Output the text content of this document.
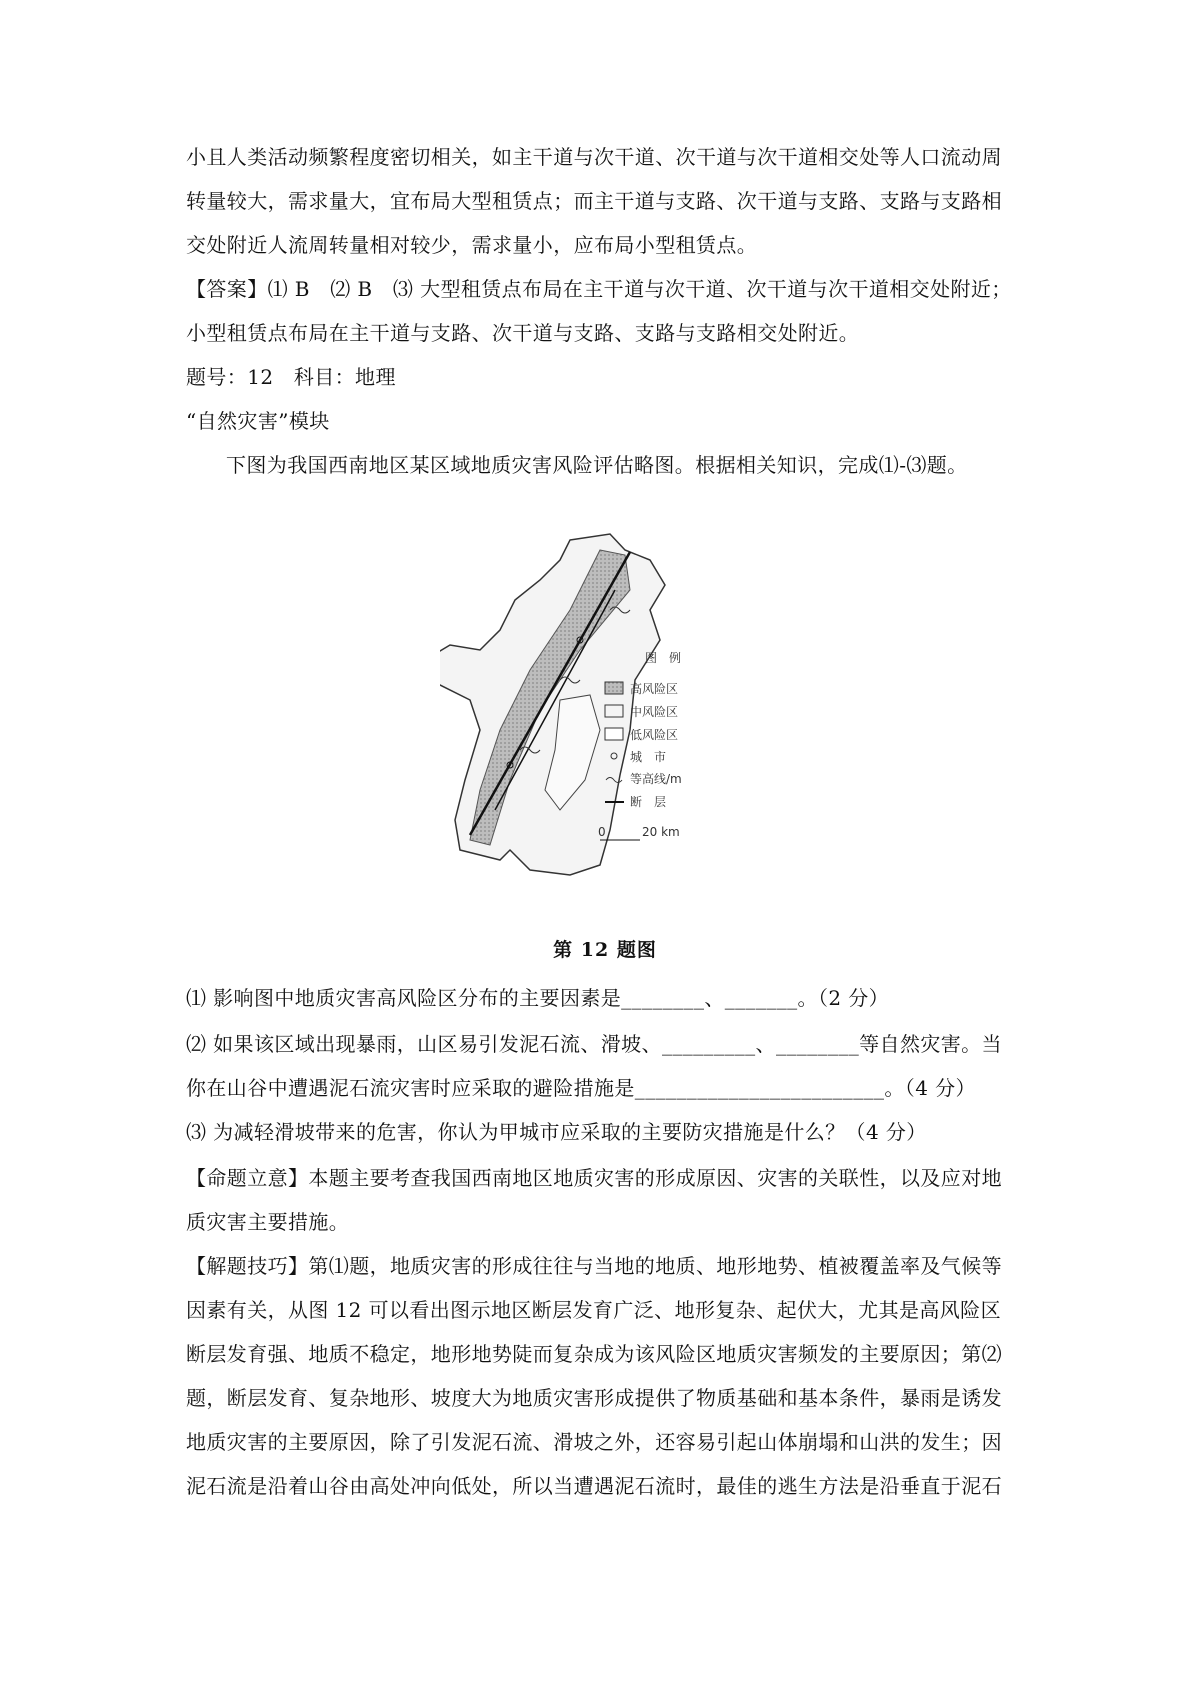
小且人类活动频繁程度密切相关，如主干道与次干道、次干道与次干道相交处等人口流动周
转量较大，需求量大，宜布局大型租赁点；而主干道与支路、次干道与支路、支路与支路相
交处附近人流周转量相对较少，需求量小，应布局小型租赁点。
【答案】⑴ B　⑵ B　⑶ 大型租赁点布局在主干道与次干道、次干道与次干道相交处附近；
小型租赁点布局在主干道与支路、次干道与支路、支路与支路相交处附近。
题号：12　科目：地理
“自然灾害”模块
下图为我国西南地区某区域地质灾害风险评估略图。根据相关知识，完成⑴-⑶题。
图　例
高风险区
中风险区
低风险区
城　市
等高线/m
断　层
0	20 km
第 12 题图
⑴ 影响图中地质灾害高风险区分布的主要因素是________、_______。（2 分）
⑵ 如果该区域出现暴雨，山区易引发泥石流、滑坡、_________、________等自然灾害。当
你在山谷中遭遇泥石流灾害时应采取的避险措施是________________________。（4 分）
⑶ 为减轻滑坡带来的危害，你认为甲城市应采取的主要防灾措施是什么？（4 分）
【命题立意】本题主要考查我国西南地区地质灾害的形成原因、灾害的关联性，以及应对地
质灾害主要措施。
【解题技巧】第⑴题，地质灾害的形成往往与当地的地质、地形地势、植被覆盖率及气候等
因素有关，从图 12 可以看出图示地区断层发育广泛、地形复杂、起伏大，尤其是高风险区
断层发育强、地质不稳定，地形地势陡而复杂成为该风险区地质灾害频发的主要原因；第⑵
题，断层发育、复杂地形、坡度大为地质灾害形成提供了物质基础和基本条件，暴雨是诱发
地质灾害的主要原因，除了引发泥石流、滑坡之外，还容易引起山体崩塌和山洪的发生；因
泥石流是沿着山谷由高处冲向低处，所以当遭遇泥石流时，最佳的逃生方法是沿垂直于泥石
